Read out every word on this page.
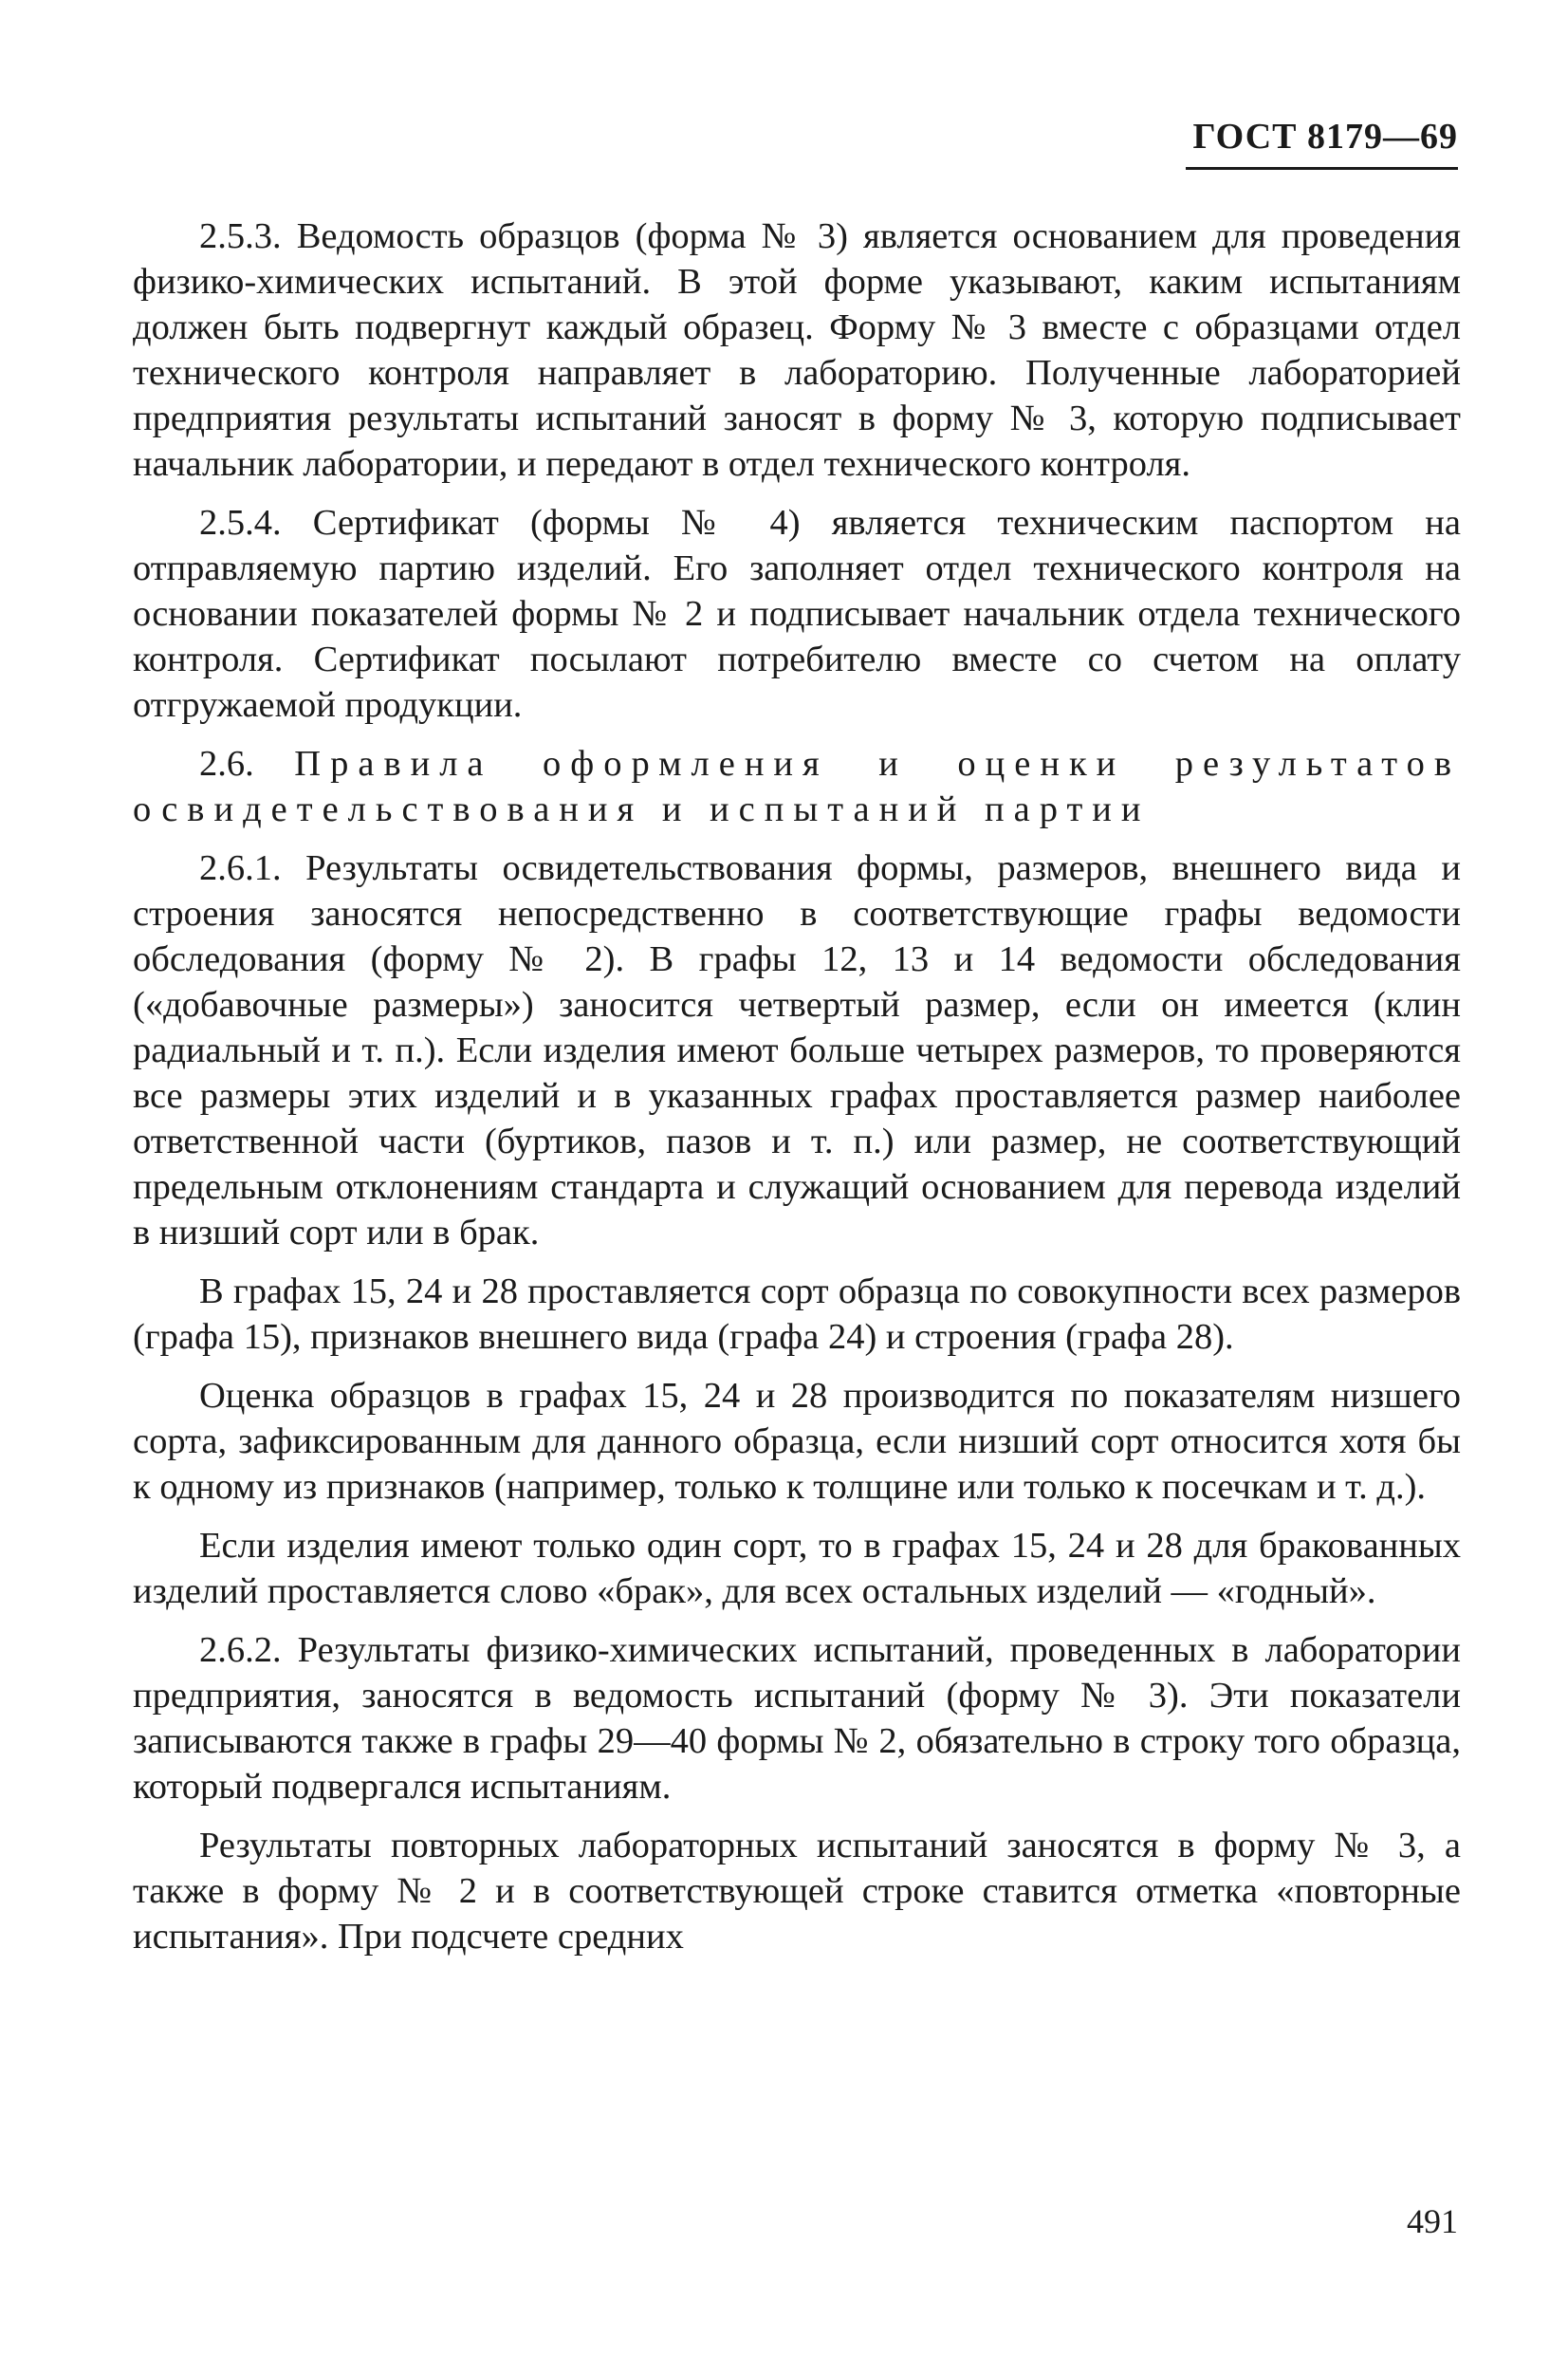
ГОСТ 8179—69

2.5.3. Ведомость образцов (форма № 3) является основанием для проведения физико-химических испытаний. В этой форме указывают, каким испытаниям должен быть подвергнут каждый образец. Форму № 3 вместе с образцами отдел технического контроля направляет в лабораторию. Полученные лабораторией предприятия результаты испытаний заносят в форму № 3, которую подписывает начальник лаборатории, и передают в отдел технического контроля.

2.5.4. Сертификат (формы № 4) является техническим паспортом на отправляемую партию изделий. Его заполняет отдел технического контроля на основании показателей формы № 2 и подписывает начальник отдела технического контроля. Сертификат посылают потребителю вместе со счетом на оплату отгружаемой продукции.

2.6. Правила оформления и оценки результатов освидетельствования и испытаний партии

2.6.1. Результаты освидетельствования формы, размеров, внешнего вида и строения заносятся непосредственно в соответствующие графы ведомости обследования (форму № 2). В графы 12, 13 и 14 ведомости обследования («добавочные размеры») заносится четвертый размер, если он имеется (клин радиальный и т. п.). Если изделия имеют больше четырех размеров, то проверяются все размеры этих изделий и в указанных графах проставляется размер наиболее ответственной части (буртиков, пазов и т. п.) или размер, не соответствующий предельным отклонениям стандарта и служащий основанием для перевода изделий в низший сорт или в брак.

В графах 15, 24 и 28 проставляется сорт образца по совокупности всех размеров (графа 15), признаков внешнего вида (графа 24) и строения (графа 28).

Оценка образцов в графах 15, 24 и 28 производится по показателям низшего сорта, зафиксированным для данного образца, если низший сорт относится хотя бы к одному из признаков (например, только к толщине или только к посечкам и т. д.).

Если изделия имеют только один сорт, то в графах 15, 24 и 28 для бракованных изделий проставляется слово «брак», для всех остальных изделий — «годный».

2.6.2. Результаты физико-химических испытаний, проведенных в лаборатории предприятия, заносятся в ведомость испытаний (форму № 3). Эти показатели записываются также в графы 29—40 формы № 2, обязательно в строку того образца, который подвергался испытаниям.

Результаты повторных лабораторных испытаний заносятся в форму № 3, а также в форму № 2 и в соответствующей строке ставится отметка «повторные испытания». При подсчете средних

491
